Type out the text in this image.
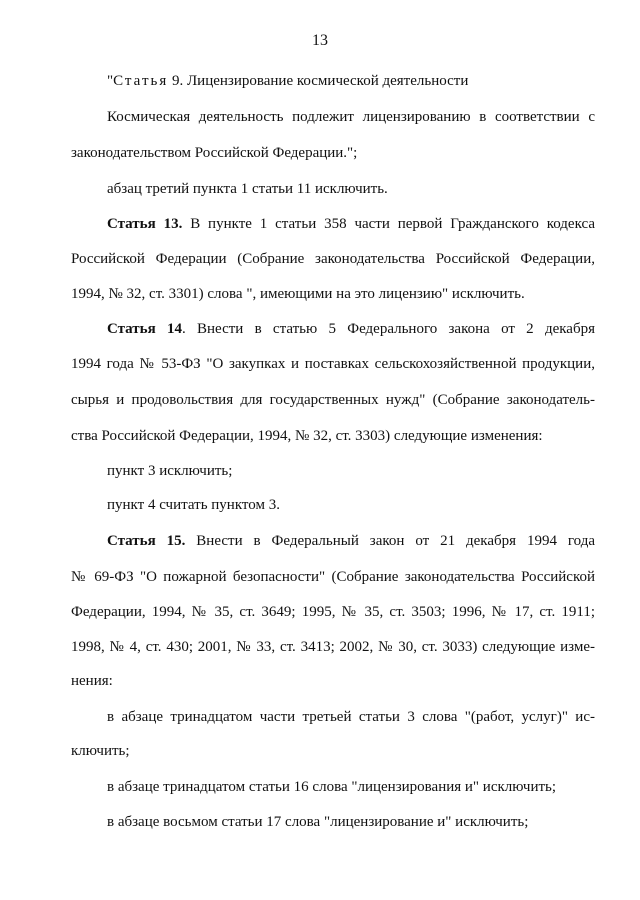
13
"Статья 9. Лицензирование космической деятельности
Космическая деятельность подлежит лицензированию в соответствии с
законодательством Российской Федерации.";
абзац третий пункта 1 статьи 11 исключить.
Статья 13. В пункте 1 статьи 358 части первой Гражданского кодекса
Российской Федерации (Собрание законодательства Российской Федерации,
1994, № 32, ст. 3301) слова ", имеющими на это лицензию" исключить.
Статья 14. Внести в статью 5 Федерального закона от 2 декабря
1994 года № 53-ФЗ "О закупках и поставках сельскохозяйственной продукции,
сырья и продовольствия для государственных нужд" (Собрание законодатель-
ства Российской Федерации, 1994, № 32, ст. 3303) следующие изменения:
пункт 3 исключить;
пункт 4 считать пунктом 3.
Статья 15. Внести в Федеральный закон от 21 декабря 1994 года
№ 69-ФЗ "О пожарной безопасности" (Собрание законодательства Российской
Федерации, 1994, № 35, ст. 3649; 1995, № 35, ст. 3503; 1996, № 17, ст. 1911;
1998, № 4, ст. 430; 2001, № 33, ст. 3413; 2002, № 30, ст. 3033) следующие изме-
нения:
в абзаце тринадцатом части третьей статьи 3 слова "(работ, услуг)" ис-
ключить;
в абзаце тринадцатом статьи 16 слова "лицензирования и" исключить;
в абзаце восьмом статьи 17 слова "лицензирование и" исключить;
